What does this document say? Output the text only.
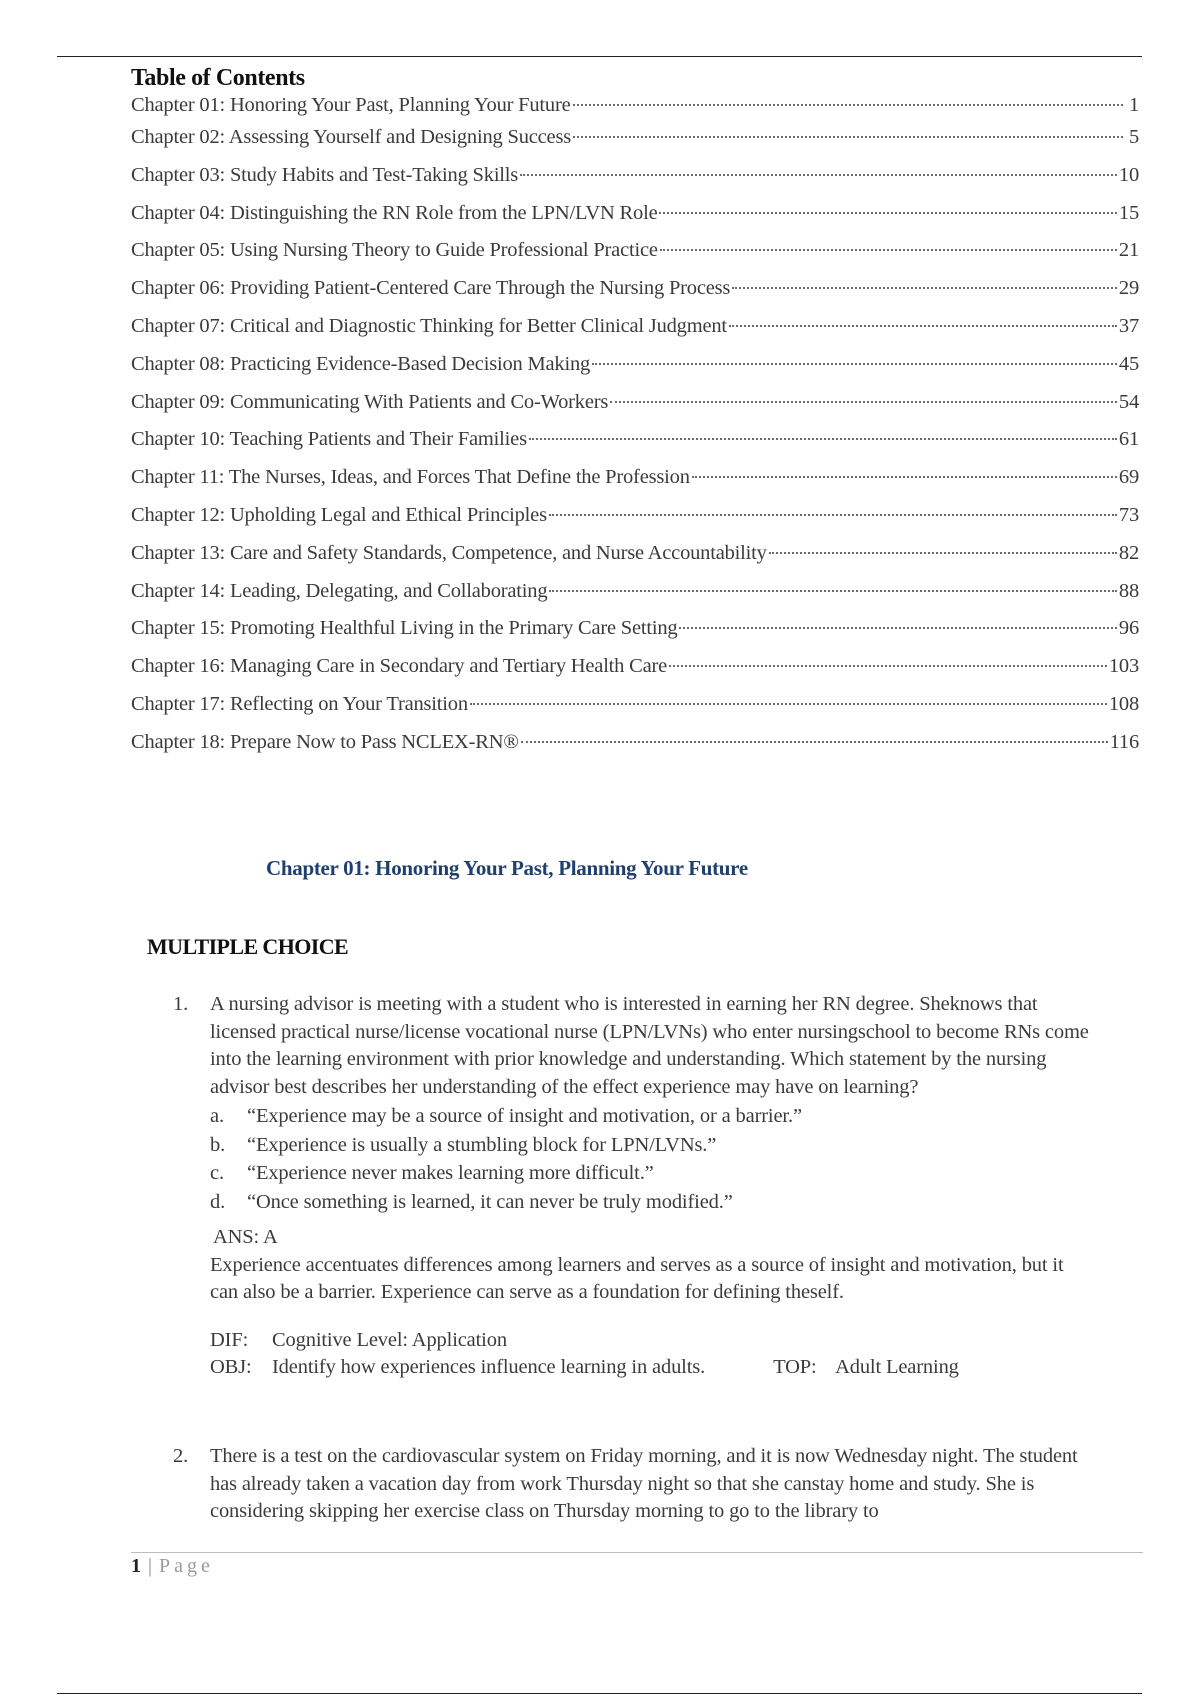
Table of Contents
Chapter 01: Honoring Your Past, Planning Your Future	1
Chapter 02: Assessing Yourself and Designing Success	5
Chapter 03: Study Habits and Test-Taking Skills	10
Chapter 04: Distinguishing the RN Role from the LPN/LVN Role	15
Chapter 05: Using Nursing Theory to Guide Professional Practice	21
Chapter 06: Providing Patient-Centered Care Through the Nursing Process	29
Chapter 07: Critical and Diagnostic Thinking for Better Clinical Judgment	37
Chapter 08: Practicing Evidence-Based Decision Making	45
Chapter 09: Communicating With Patients and Co-Workers	54
Chapter 10: Teaching Patients and Their Families	61
Chapter 11: The Nurses, Ideas, and Forces That Define the Profession	69
Chapter 12: Upholding Legal and Ethical Principles	73
Chapter 13: Care and Safety Standards, Competence, and Nurse Accountability	82
Chapter 14: Leading, Delegating, and Collaborating	88
Chapter 15: Promoting Healthful Living in the Primary Care Setting	96
Chapter 16: Managing Care in Secondary and Tertiary Health Care	103
Chapter 17: Reflecting on Your Transition	108
Chapter 18: Prepare Now to Pass NCLEX-RN®	116
Chapter 01: Honoring Your Past, Planning Your Future
MULTIPLE CHOICE
1. A nursing advisor is meeting with a student who is interested in earning her RN degree. Sheknows that licensed practical nurse/license vocational nurse (LPN/LVNs) who enter nursingschool to become RNs come into the learning environment with prior knowledge and understanding. Which statement by the nursing advisor best describes her understanding of the effect experience may have on learning?
a.	“Experience may be a source of insight and motivation, or a barrier.”
b.	“Experience is usually a stumbling block for LPN/LVNs.”
c.	“Experience never makes learning more difficult.”
d.	“Once something is learned, it can never be truly modified.”
ANS: A
Experience accentuates differences among learners and serves as a source of insight and motivation, but it can also be a barrier. Experience can serve as a foundation for defining theself.
DIF:	Cognitive Level: Application
OBJ: Identify how experiences influence learning in adults.	TOP: Adult Learning
2. There is a test on the cardiovascular system on Friday morning, and it is now Wednesday night. The student has already taken a vacation day from work Thursday night so that she canstay home and study. She is considering skipping her exercise class on Thursday morning to go to the library to
1 | Page
